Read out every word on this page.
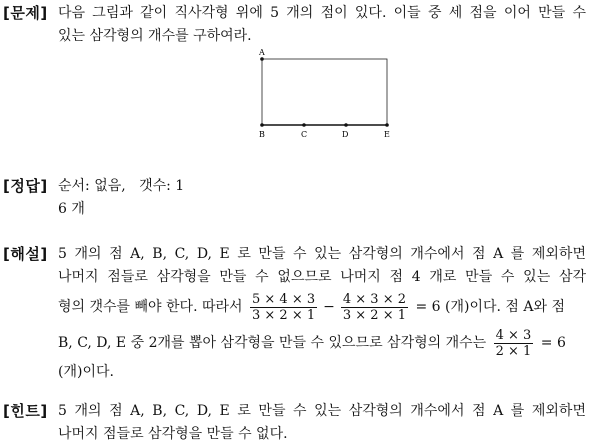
[문제] 다음 그림과 같이 직사각형 위에 5 개의 점이 있다. 이들 중 세 점을 이어 만들 수
있는 삼각형의 개수를 구하여라.
A
B	C	D	E
[정답] 순서: 없음,   갯수: 1
6 개
[해설] 5 개의 점 A, B, C, D, E 로 만들 수 있는 삼각형의 개수에서 점 A 를 제외하면
나머지 점들로 삼각형을 만들 수 없으므로 나머지 점 4 개로 만들 수 있는 삼각
형의 갯수를 빼야 한다. 따라서 $\frac{5 \times 4 \times 3}{3 \times 2 \times 1} - \frac{4 \times 3 \times 2}{3 \times 2 \times 1} = 6$ (개)이다. 점 A와 점
B, C, D, E 중 2개를 뽑아 삼각형을 만들 수 있으므로 삼각형의 개수는 $\frac{4 \times 3}{2 \times 1} = 6$
(개)이다.
[힌트] 5 개의 점 A, B, C, D, E 로 만들 수 있는 삼각형의 개수에서 점 A 를 제외하면
나머지 점들로 삼각형을 만들 수 없다.
